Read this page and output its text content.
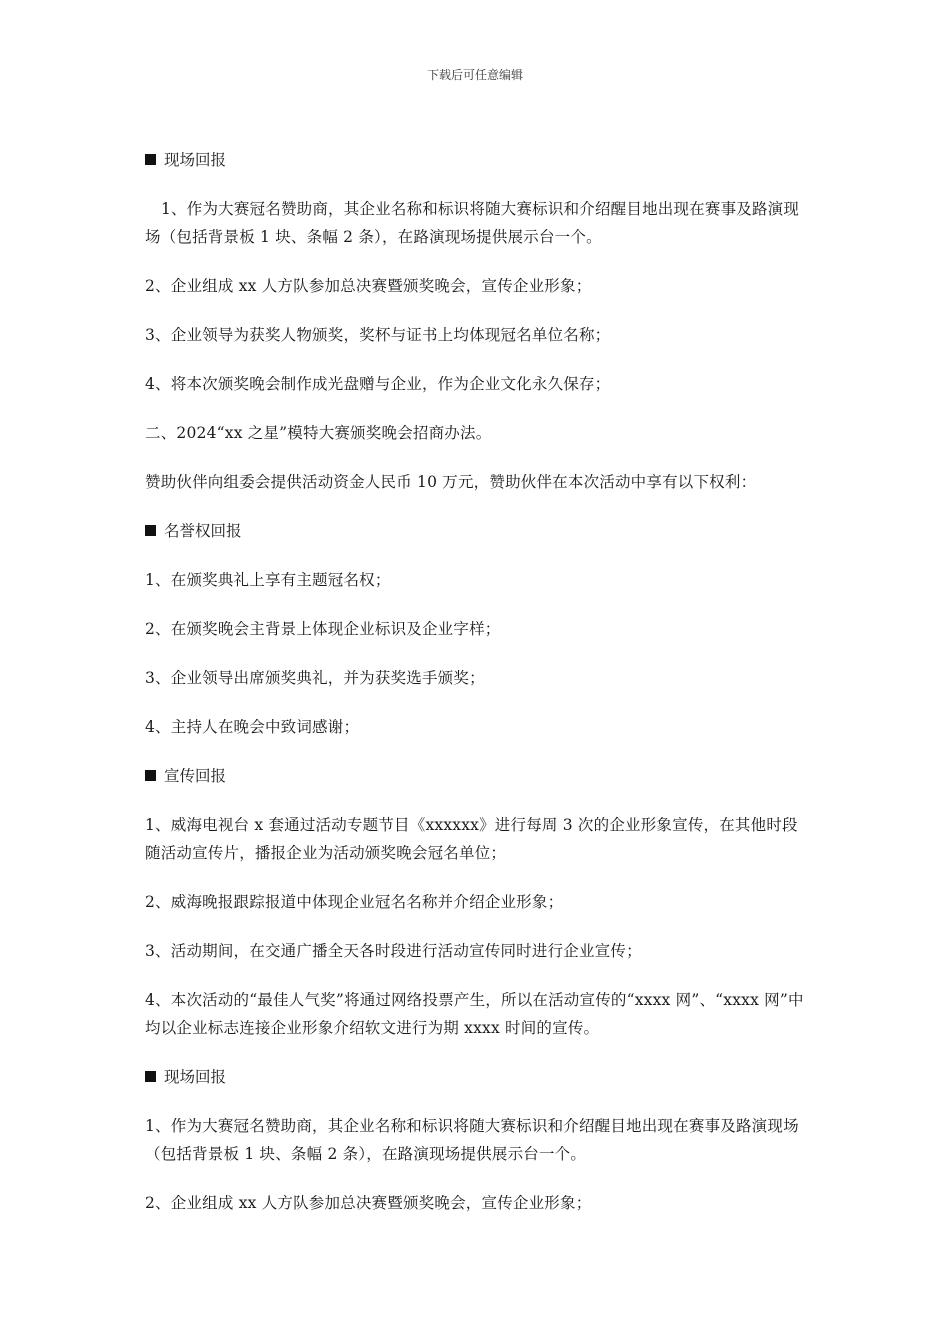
下载后可任意编辑
现场回报

1、作为大赛冠名赞助商，其企业名称和标识将随大赛标识和介绍醒目地出现在赛事及路演现场（包括背景板 1 块、条幅 2 条），在路演现场提供展示台一个。

2、企业组成 xx 人方队参加总决赛暨颁奖晚会，宣传企业形象；

3、企业领导为获奖人物颁奖，奖杯与证书上均体现冠名单位名称；

4、将本次颁奖晚会制作成光盘赠与企业，作为企业文化永久保存；

二、2024“xx 之星”模特大赛颁奖晚会招商办法。

赞助伙伴向组委会提供活动资金人民币 10 万元，赞助伙伴在本次活动中享有以下权利：

名誉权回报

1、在颁奖典礼上享有主题冠名权；

2、在颁奖晚会主背景上体现企业标识及企业字样；

3、企业领导出席颁奖典礼，并为获奖选手颁奖；

4、主持人在晚会中致词感谢；

宣传回报

1、威海电视台 x 套通过活动专题节目《xxxxxx》进行每周 3 次的企业形象宣传，在其他时段随活动宣传片，播报企业为活动颁奖晚会冠名单位；

2、威海晚报跟踪报道中体现企业冠名名称并介绍企业形象；

3、活动期间，在交通广播全天各时段进行活动宣传同时进行企业宣传；

4、本次活动的“最佳人气奖”将通过网络投票产生，所以在活动宣传的“xxxx 网”、“xxxx 网”中均以企业标志连接企业形象介绍软文进行为期 xxxx 时间的宣传。

现场回报

1、作为大赛冠名赞助商，其企业名称和标识将随大赛标识和介绍醒目地出现在赛事及路演现场（包括背景板 1 块、条幅 2 条），在路演现场提供展示台一个。

2、企业组成 xx 人方队参加总决赛暨颁奖晚会，宣传企业形象；
